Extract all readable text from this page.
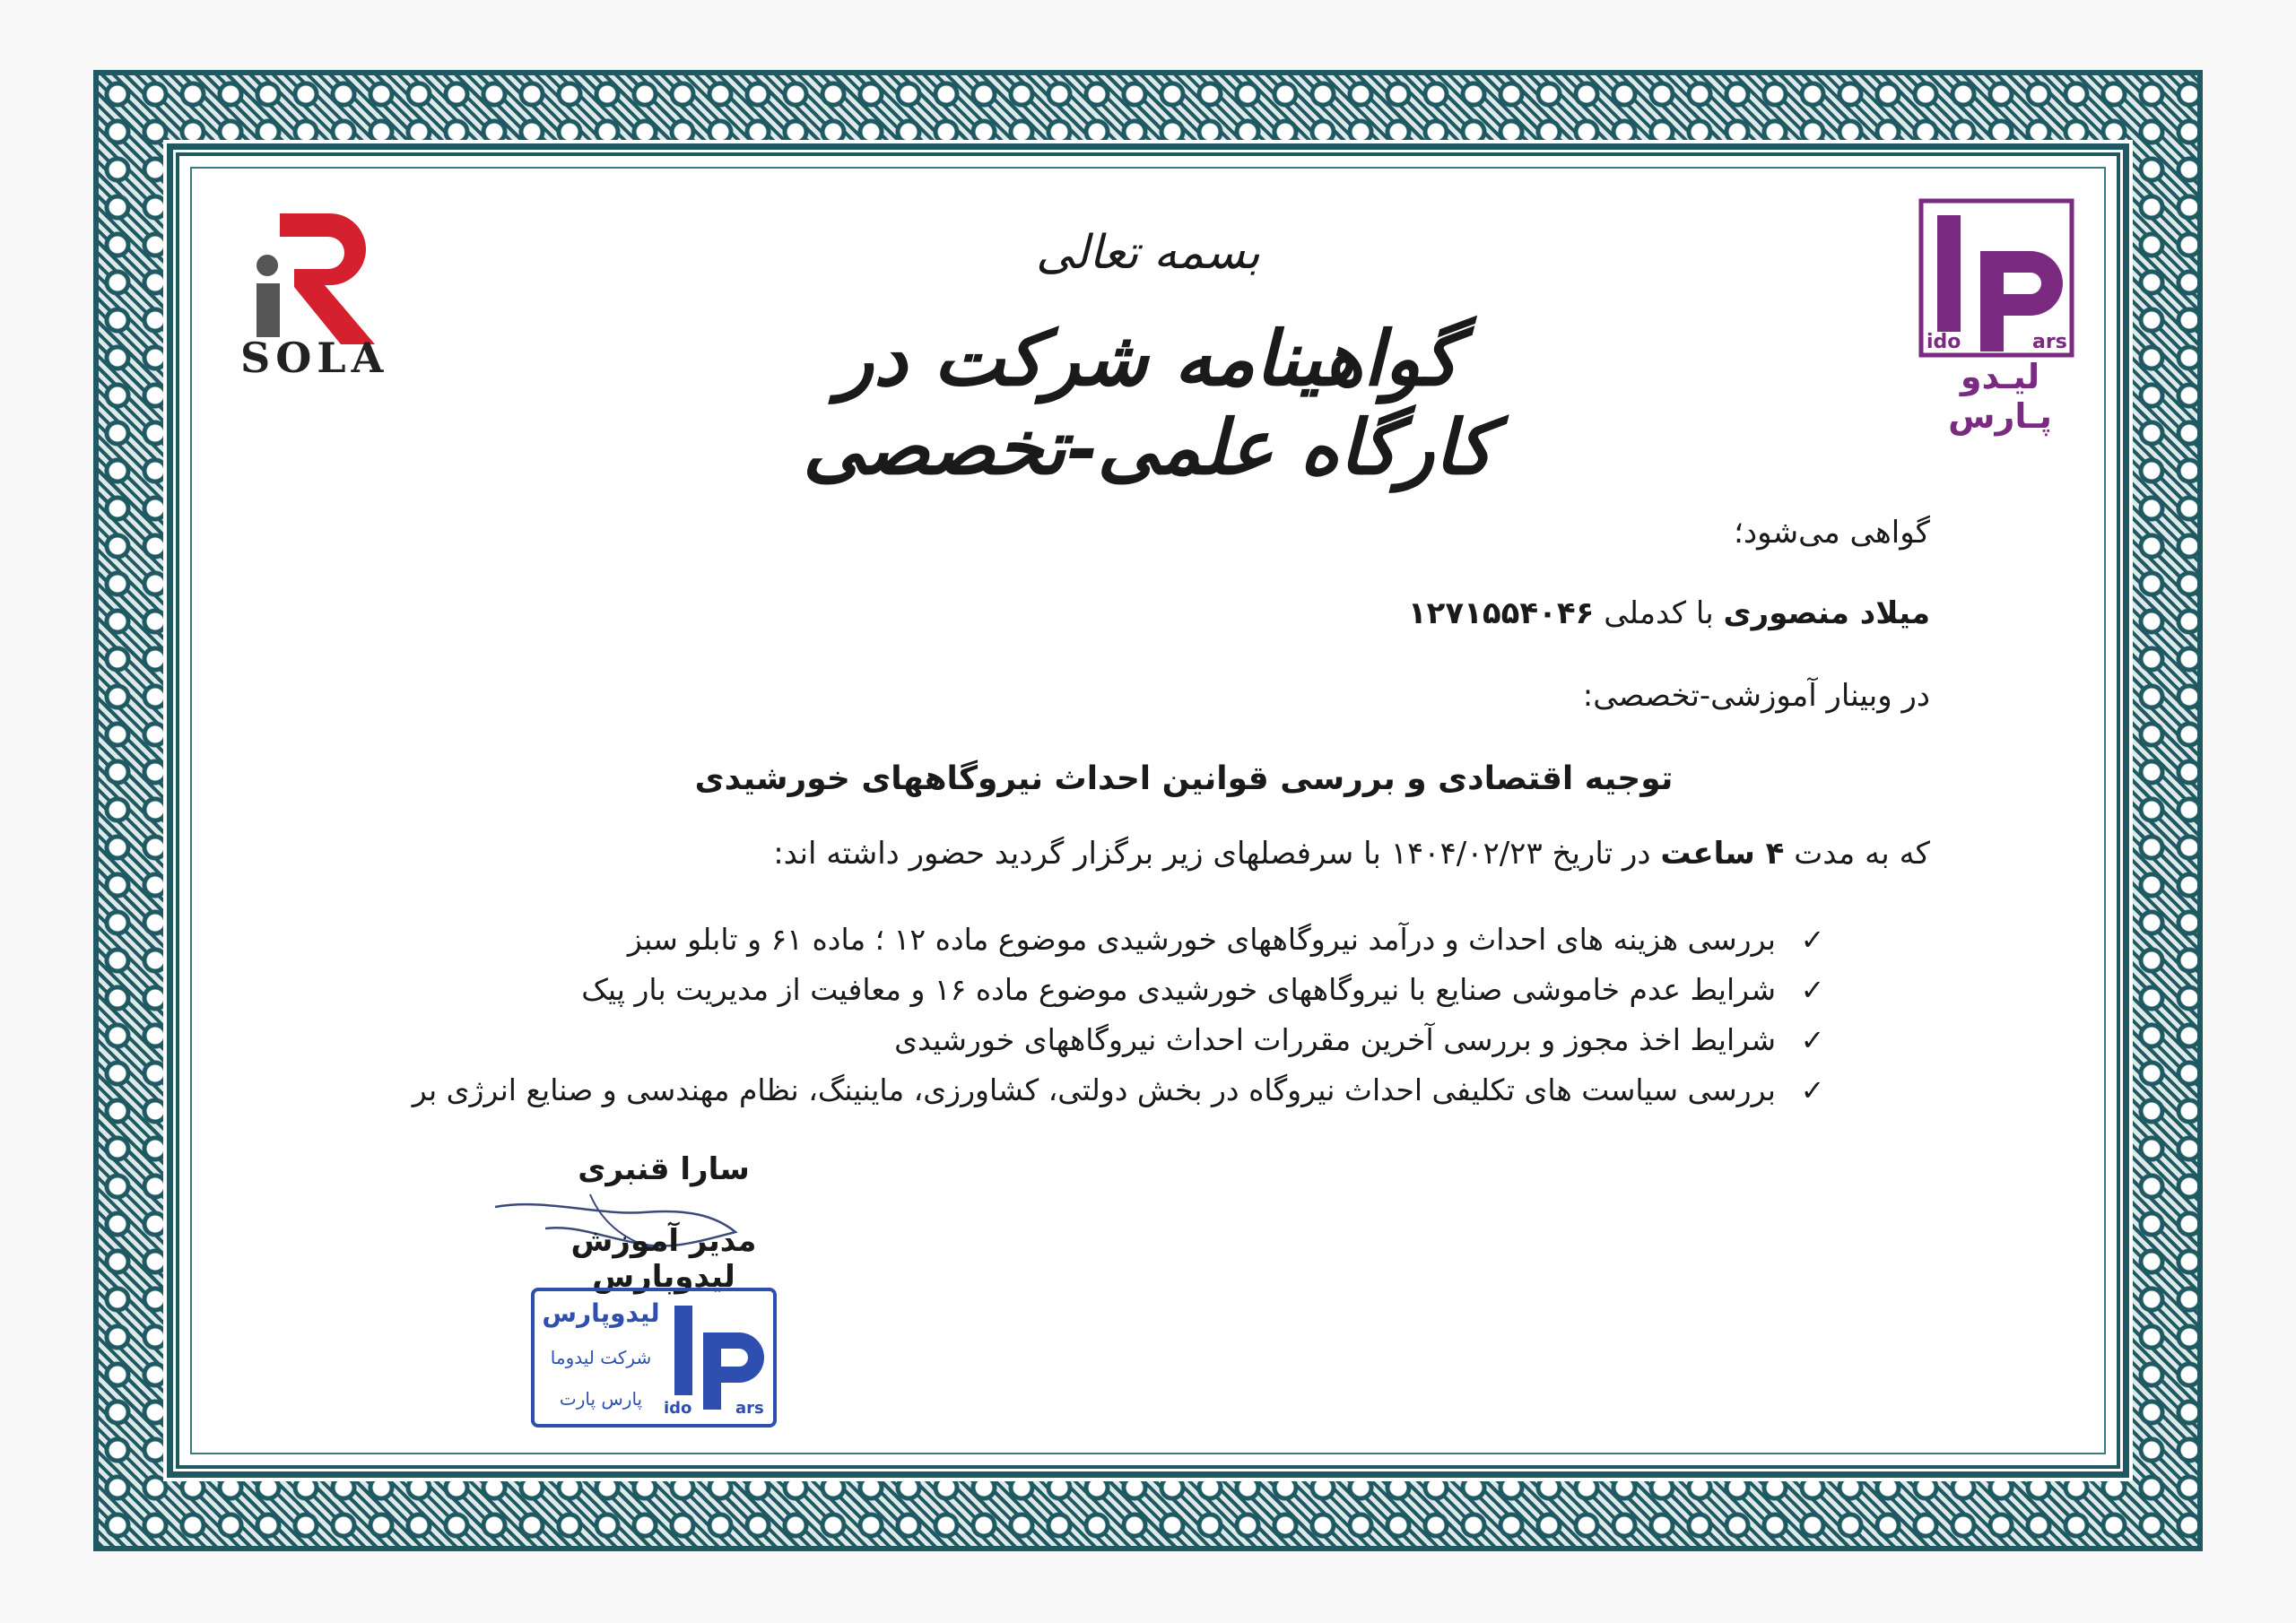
SOLA	ido	ars
لیـدو پـارس
بسمه تعالی
گواهینامه شرکت در کارگاه علمی-تخصصی
گواهی می‌شود؛
میلاد منصوری با کدملی ۱۲۷۱۵۵۴۰۴۶
در وبینار آموزشی-تخصصی:
توجیه اقتصادی و بررسی قوانین احداث نیروگاههای خورشیدی
که به مدت ۴ ساعت در تاریخ ۱۴۰۴/۰۲/۲۳ با سرفصلهای زیر برگزار گردید حضور داشته اند:
✓
بررسی هزینه های احداث و درآمد نیروگاههای خورشیدی موضوع ماده ۱۲ ؛ ماده ۶۱ و تابلو سبز
✓
شرایط عدم خاموشی صنایع با نیروگاههای خورشیدی موضوع ماده ۱۶ و معافیت از مدیریت بار پیک
✓
شرایط اخذ مجوز و بررسی آخرین مقررات احداث نیروگاههای خورشیدی
✓
بررسی سیاست های تکلیفی احداث نیروگاه در بخش دولتی، کشاورزی، ماینینگ، نظام مهندسی و صنایع انرژی بر
سارا قنبری
مدیر آموزش لیدوپارس
لیدوپارس
شرکت لیدوما
پارس پارت	ido	ars
